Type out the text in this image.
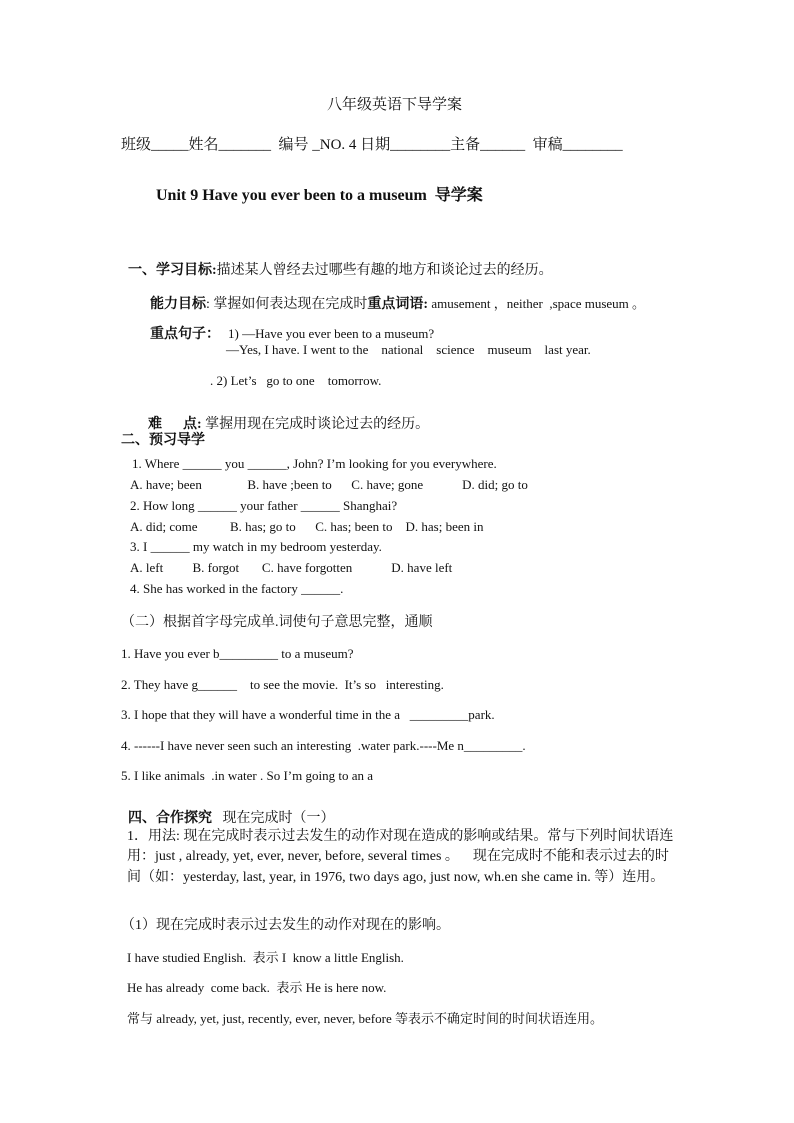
八年级英语下导学案
班级_____姓名_______  编号 _NO. 4 日期________主备______  审稿________
Unit 9 Have you ever been to a museum  导学案

一、学习目标:描述某人曾经去过哪些有趣的地方和谈论过去的经历。

能力目标: 掌握如何表达现在完成时重点词语: amusement ，neither  ,space museum 。

重点句子： 1) —Have you ever been to a museum?

—Yes, I have. I went to the    national    science    museum    last year.
. 2) Let’s   go to one    tomorrow.

难      点: 掌握用现在完成时谈论过去的经历。

二、预习导学
1. Where ______ you ______, John? I’m looking for you everywhere.
A. have; been              B. have ;been to      C. have; gone            D. did; go to
2. How long ______ your father ______ Shanghai?
A. did; come          B. has; go to      C. has; been to    D. has; been in
3. I ______ my watch in my bedroom yesterday.
A. left         B. forgot       C. have forgotten            D. have left
4. She has worked in the factory ______.
（二）根据首字母完成单.词使句子意思完整，通顺
1. Have you ever b_________ to a museum?
2. They have g______    to see the movie.  It’s so   interesting.
3. I hope that they will have a wonderful time in the a   _________park.
4. ------I have never seen such an interesting  .water park.----Me n_________.
5. I like animals  .in water . So I’m going to an a

四、合作探究   现在完成时（一）

1．用法: 现在完成时表示过去发生的动作对现在造成的影响或结果。常与下列时间状语连
用：just , already, yet, ever, never, before, several times 。    现在完成时不能和表示过去的时
间（如：yesterday, last, year, in 1976, two days ago, just now, wh.en she came in. 等）连用。
（1）现在完成时表示过去发生的动作对现在的影响。
I have studied English.  表示 I  know a little English.
He has already  come back.  表示 He is here now.
常与 already, yet, just, recently, ever, never, before 等表示不确定时间的时间状语连用。
